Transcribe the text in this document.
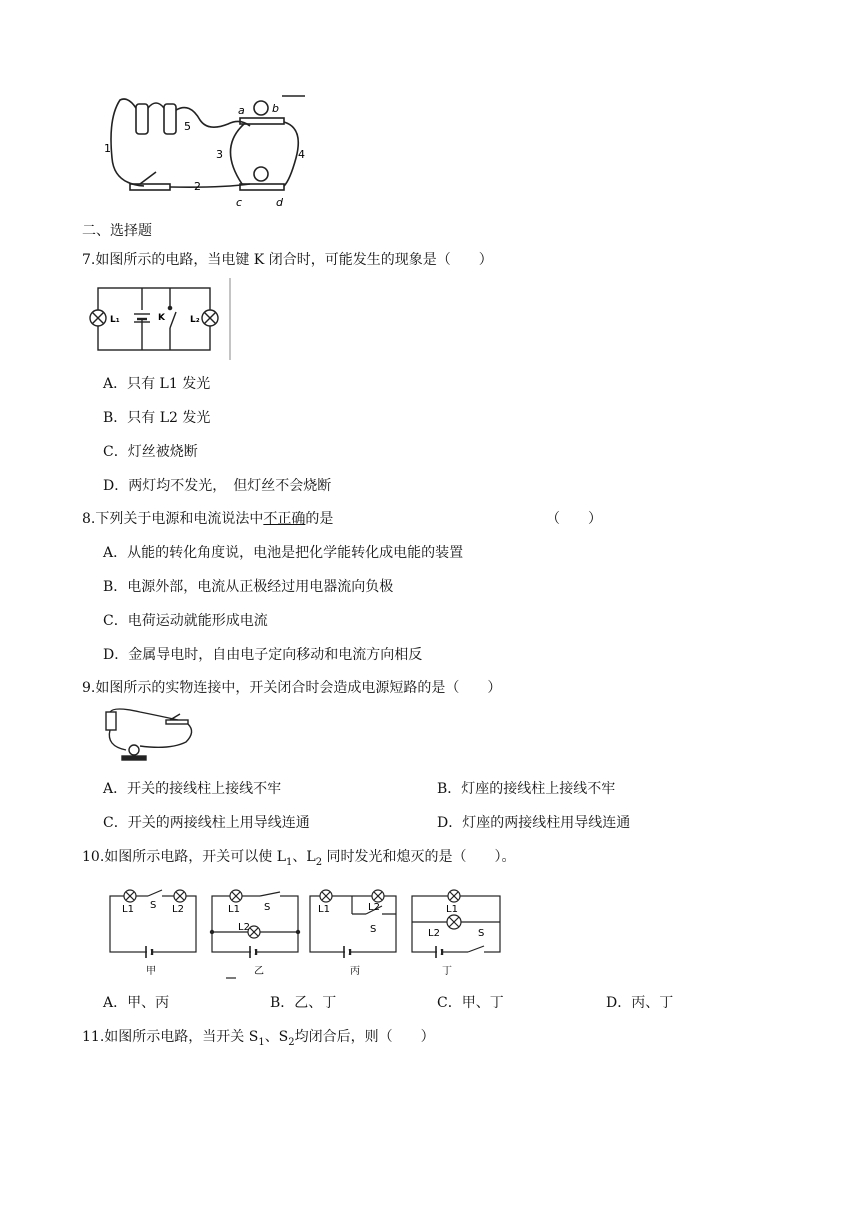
a b
c	d
1
2
3	4
5
二、选择题
7.如图所示的电路，当电键 K 闭合时，可能发生的现象是（　　）
L₁	K	L₂
A．只有 L1 发光
B．只有 L2 发光
C．灯丝被烧断
D．两灯均不发光，　但灯丝不会烧断
8.下列关于电源和电流说法中不正确的是	（　　）
A．从能的转化角度说，电池是把化学能转化成电能的装置
B．电源外部，电流从正极经过用电器流向负极
C．电荷运动就能形成电流
D．金属导电时，自由电子定向移动和电流方向相反
9.如图所示的实物连接中，开关闭合时会造成电源短路的是（　　）
A．开关的接线柱上接线不牢	B．灯座的接线柱上接线不牢
C．开关的两接线柱上用导线连通	D．灯座的两接线柱用导线连通
10.如图所示电路，开关可以使 $L_1$、$L_2$ 同时发光和熄灭的是（　　）。
L1 S L2
甲
L1 S
L2
乙
L1	L2
S
丙
L1
L2	S
丁
A．甲、丙	B．乙、丁	C．甲、丁	D．丙、丁
11.如图所示电路，当开关 $S_1$、$S_2$均闭合后，则（　　）
